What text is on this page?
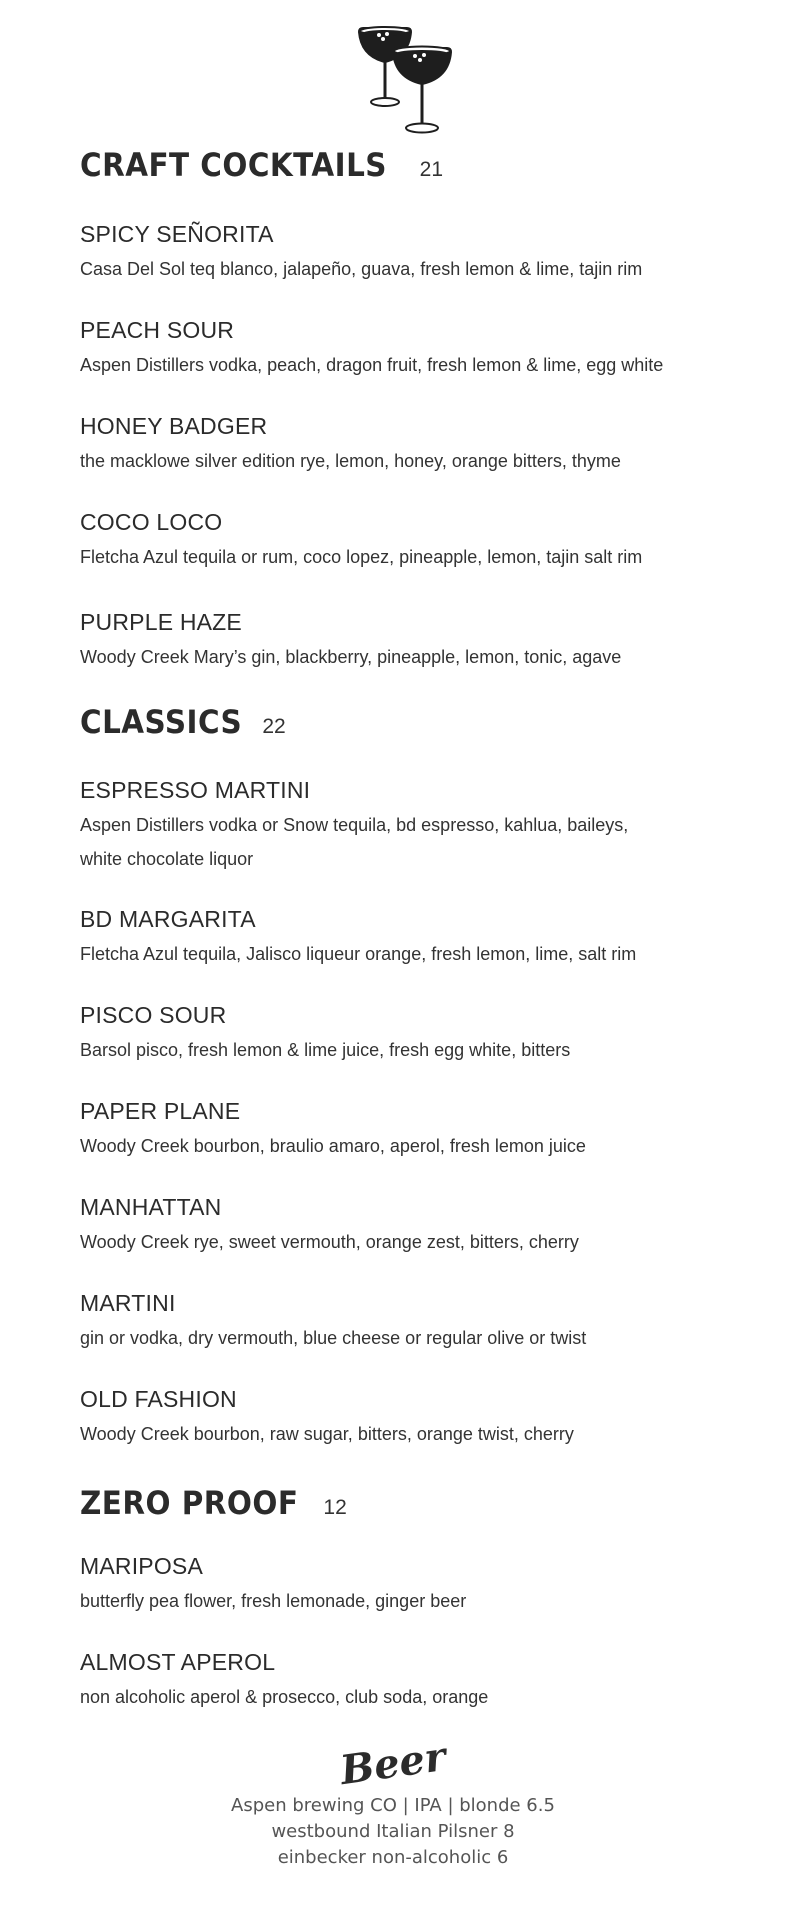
CRAFT COCKTAILS 21
SPICY SEÑORITA
Casa Del Sol teq blanco, jalapeño, guava, fresh lemon & lime, tajin rim
PEACH SOUR
Aspen Distillers vodka, peach, dragon fruit, fresh lemon & lime, egg white
HONEY BADGER
the macklowe silver edition rye, lemon, honey, orange bitters, thyme
COCO LOCO
Fletcha Azul tequila or rum, coco lopez, pineapple, lemon, tajin salt rim
PURPLE HAZE
Woody Creek Mary’s gin, blackberry, pineapple, lemon, tonic, agave
CLASSICS 22
ESPRESSO MARTINI
Aspen Distillers vodka or Snow tequila, bd espresso, kahlua, baileys, white chocolate liquor
BD MARGARITA
Fletcha Azul tequila, Jalisco liqueur orange, fresh lemon, lime, salt rim
PISCO SOUR
Barsol pisco, fresh lemon & lime juice, fresh egg white, bitters
PAPER PLANE
Woody Creek bourbon, braulio amaro, aperol, fresh lemon juice
MANHATTAN
Woody Creek rye, sweet vermouth, orange zest, bitters, cherry
MARTINI
gin or vodka, dry vermouth, blue cheese or regular olive or twist
OLD FASHION
Woody Creek bourbon, raw sugar, bitters, orange twist, cherry
ZERO PROOF 12
MARIPOSA
butterfly pea flower, fresh lemonade, ginger beer
ALMOST APEROL
non alcoholic aperol & prosecco, club soda, orange
Beer
Aspen brewing CO | IPA | blonde 6.5
westbound Italian Pilsner 8
einbecker non-alcoholic 6
